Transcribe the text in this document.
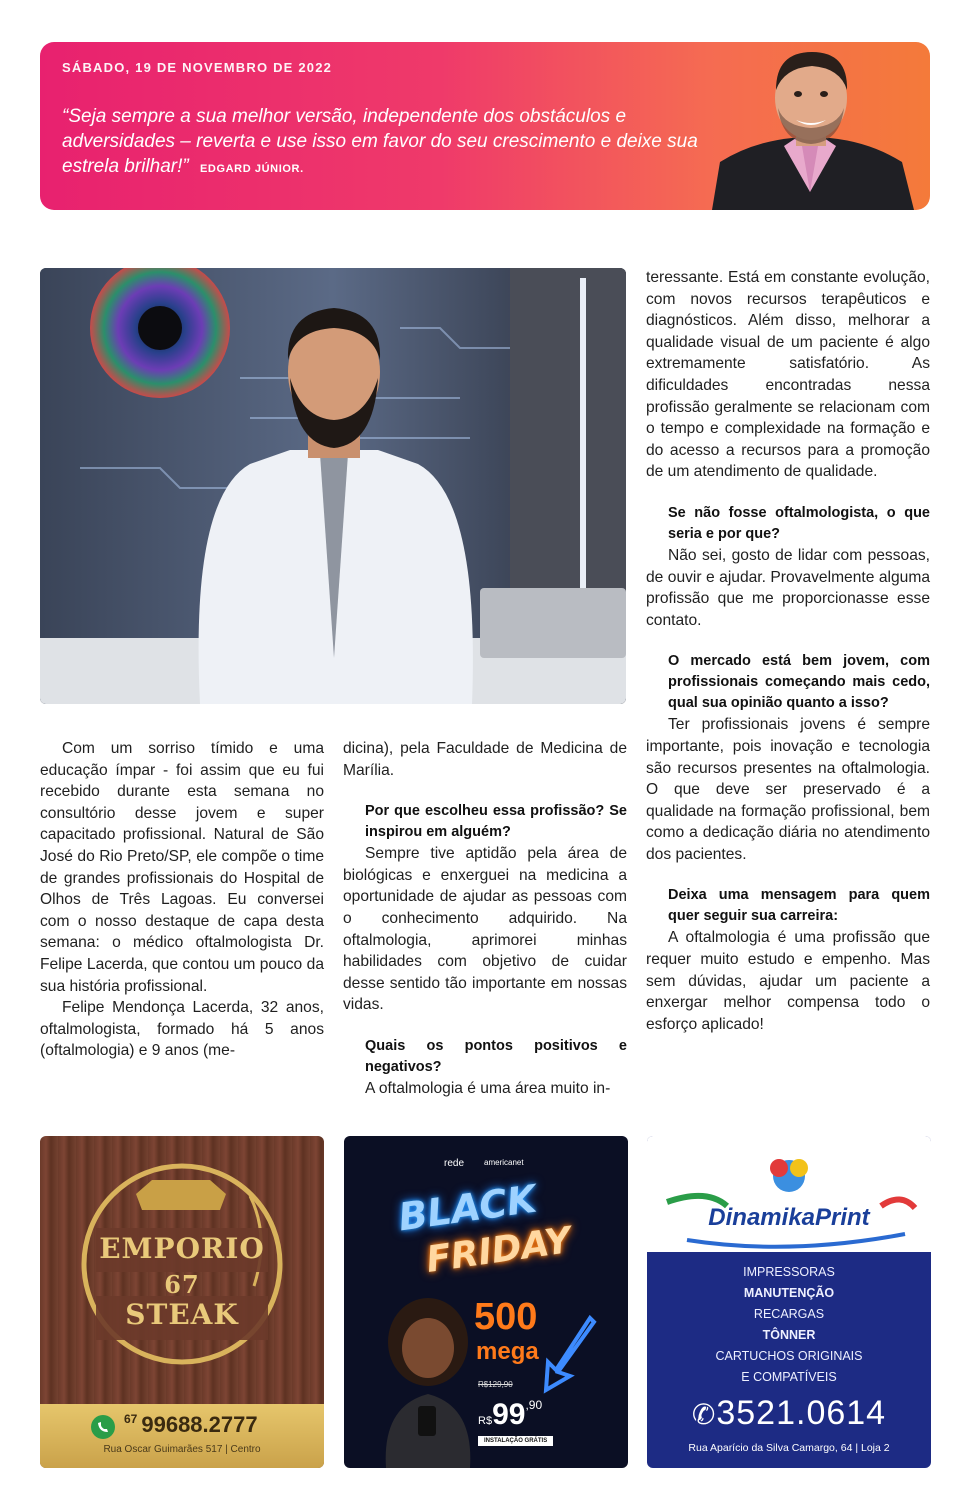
SÁBADO, 19 DE NOVEMBRO DE 2022
“Seja sempre a sua melhor versão, independente dos obstáculos e adversidades – reverta e use isso em favor do seu crescimento e deixe sua estrela brilhar!” EDGARD JÚNIOR.

Com um sorriso tímido e uma educação ímpar - foi assim que eu fui recebido durante esta semana no consultório desse jovem e super capacitado profissional. Natural de São José do Rio Preto/SP, ele compõe o time de grandes profissionais do Hospital de Olhos de Três Lagoas. Eu conversei com o nosso destaque de capa desta semana: o médico oftalmologista Dr. Felipe Lacerda, que contou um pouco da sua história profissional.

Felipe Mendonça Lacerda, 32 anos, oftalmologista, formado há 5 anos (oftalmologia) e 9 anos (me-

dicina), pela Faculdade de Medicina de Marília.

Por que escolheu essa profissão? Se inspirou em alguém?

Sempre tive aptidão pela área de biológicas e enxerguei na medicina a oportunidade de ajudar as pessoas com o conhecimento adquirido. Na oftalmologia, aprimorei minhas habilidades com objetivo de cuidar desse sentido tão importante em nossas vidas.

Quais os pontos positivos e negativos?

A oftalmologia é uma área muito in-

teressante. Está em constante evolução, com novos recursos terapêuticos e diagnósticos. Além disso, melhorar a qualidade visual de um paciente é algo extremamente satisfatório. As dificuldades encontradas nessa profissão geralmente se relacionam com o tempo e complexidade na formação e do acesso a recursos para a promoção de um atendimento de qualidade.

Se não fosse oftalmologista, o que seria e por que?

Não sei, gosto de lidar com pessoas, de ouvir e ajudar. Provavelmente alguma profissão que me proporcionasse esse contato.

O mercado está bem jovem, com profissionais começando mais cedo, qual sua opinião quanto a isso?

Ter profissionais jovens é sempre importante, pois inovação e tecnologia são recursos presentes na oftalmologia. O que deve ser preservado é a qualidade na formação profissional, bem como a dedicação diária no atendimento dos pacientes.

Deixa uma mensagem para quem quer seguir sua carreira:

A oftalmologia é uma profissão que requer muito estudo e empenho. Mas sem dúvidas, ajudar um paciente a enxergar melhor compensa todo o esforço aplicado!

EMPORIO
67
STEAK
$^{67}$ 99688.2777
Rua Oscar Guimarães 517 | Centro
rede americanet
BLACK
FRIDAY
500
mega
R$129,90
$R\$99^{,90}$
INSTALAÇÃO GRÁTIS
DinamikaPrint
IMPRESSORAS
MANUTENÇÃO
RECARGAS
TÔNNER
CARTUCHOS ORIGINAIS
E COMPATÍVEIS
✆3521.0614
Rua Aparício da Silva Camargo, 64 | Loja 2
